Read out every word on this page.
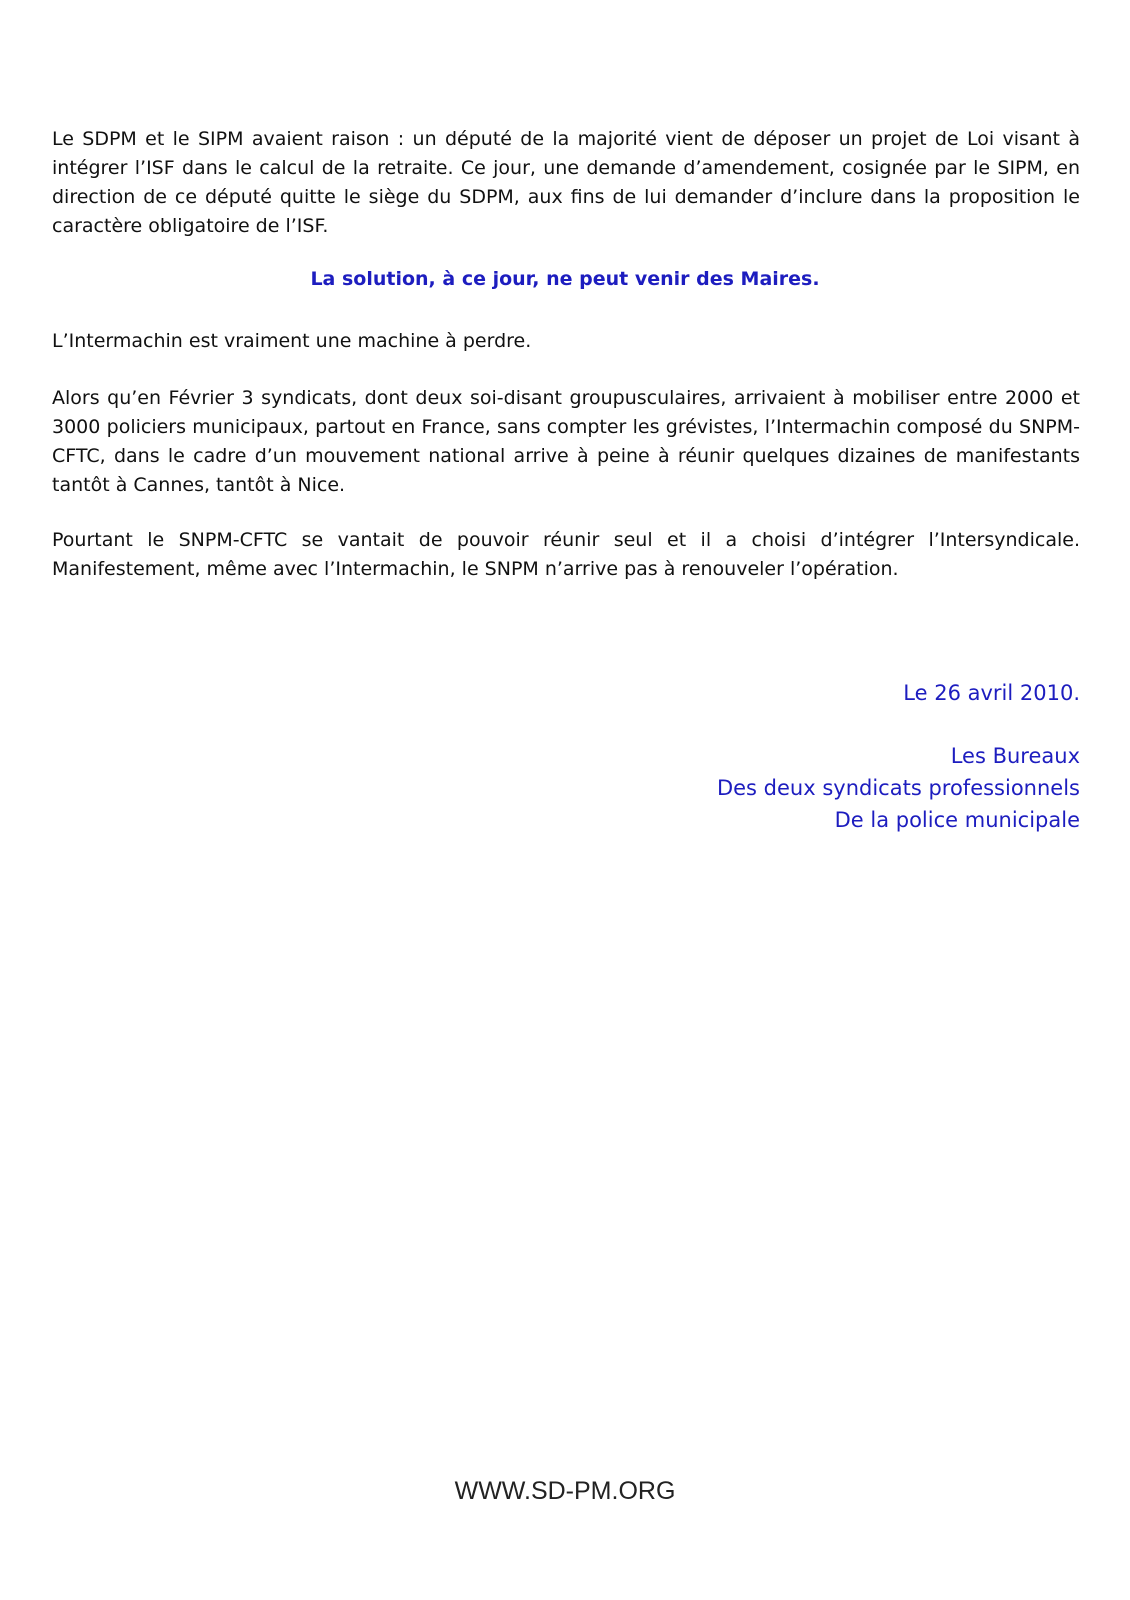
Le SDPM et le SIPM avaient raison : un député de la majorité vient de déposer un projet de Loi visant à intégrer l’ISF dans le calcul de la retraite. Ce jour, une demande d’amendement, cosignée par le SIPM, en direction de ce député quitte le siège du SDPM, aux fins de lui demander d’inclure dans la proposition le caractère obligatoire de l’ISF.

La solution, à ce jour, ne peut venir des Maires.

L’Intermachin est vraiment une machine à perdre.

Alors qu’en Février 3 syndicats, dont deux soi-disant groupusculaires, arrivaient à mobiliser entre 2000 et 3000 policiers municipaux, partout en France, sans compter les grévistes, l’Intermachin composé du SNPM-CFTC, dans le cadre d’un mouvement national arrive à peine à réunir quelques dizaines de manifestants tantôt à Cannes, tantôt à Nice.

Pourtant le SNPM-CFTC se vantait de pouvoir réunir seul et il a choisi d’intégrer l’Intersyndicale. Manifestement, même avec l’Intermachin, le SNPM n’arrive pas à renouveler l’opération.

Le 26 avril 2010.

Les Bureaux

Des deux syndicats professionnels

De la police municipale

WWW.SD-PM.ORG
